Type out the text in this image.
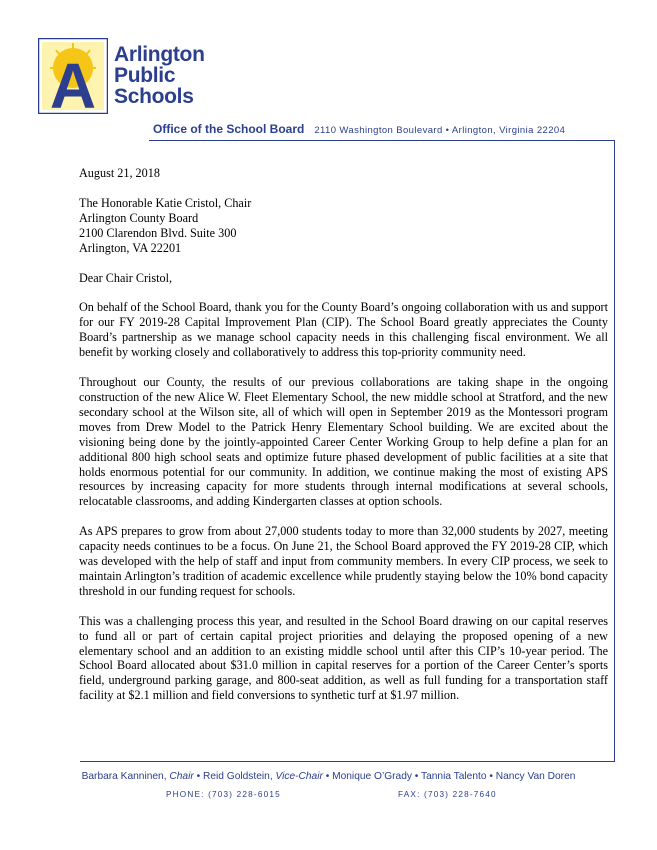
A Arlington
Public
Schools
Office of the School Board 2110 Washington Boulevard • Arlington, Virginia 22204

August 21, 2018

The Honorable Katie Cristol, Chair
Arlington County Board
2100 Clarendon Blvd. Suite 300
Arlington, VA 22201

Dear Chair Cristol,

On behalf of the School Board, thank you for the County Board’s ongoing collaboration with us and support for our FY 2019-28 Capital Improvement Plan (CIP). The School Board greatly appreciates the County Board’s partnership as we manage school capacity needs in this challenging fiscal environment. We all benefit by working closely and collaboratively to address this top-priority community need.

Throughout our County, the results of our previous collaborations are taking shape in the ongoing construction of the new Alice W. Fleet Elementary School, the new middle school at Stratford, and the new secondary school at the Wilson site, all of which will open in September 2019 as the Montessori program moves from Drew Model to the Patrick Henry Elementary School building. We are excited about the visioning being done by the jointly-appointed Career Center Working Group to help define a plan for an additional 800 high school seats and optimize future phased development of public facilities at a site that holds enormous potential for our community. In addition, we continue making the most of existing APS resources by increasing capacity for more students through internal modifications at several schools, relocatable classrooms, and adding Kindergarten classes at option schools.

As APS prepares to grow from about 27,000 students today to more than 32,000 students by 2027, meeting capacity needs continues to be a focus. On June 21, the School Board approved the FY 2019-28 CIP, which was developed with the help of staff and input from community members. In every CIP process, we seek to maintain Arlington’s tradition of academic excellence while prudently staying below the 10% bond capacity threshold in our funding request for schools.

This was a challenging process this year, and resulted in the School Board drawing on our capital reserves to fund all or part of certain capital project priorities and delaying the proposed opening of a new elementary school and an addition to an existing middle school until after this CIP’s 10-year period. The School Board allocated about $31.0 million in capital reserves for a portion of the Career Center’s sports field, underground parking garage, and 800-seat addition, as well as full funding for a transportation staff facility at $2.1 million and field conversions to synthetic turf at $1.97 million.

Barbara Kanninen, Chair • Reid Goldstein, Vice-Chair • Monique O’Grady • Tannia Talento • Nancy Van Doren
PHONE: (703) 228-6015	FAX: (703) 228-7640
